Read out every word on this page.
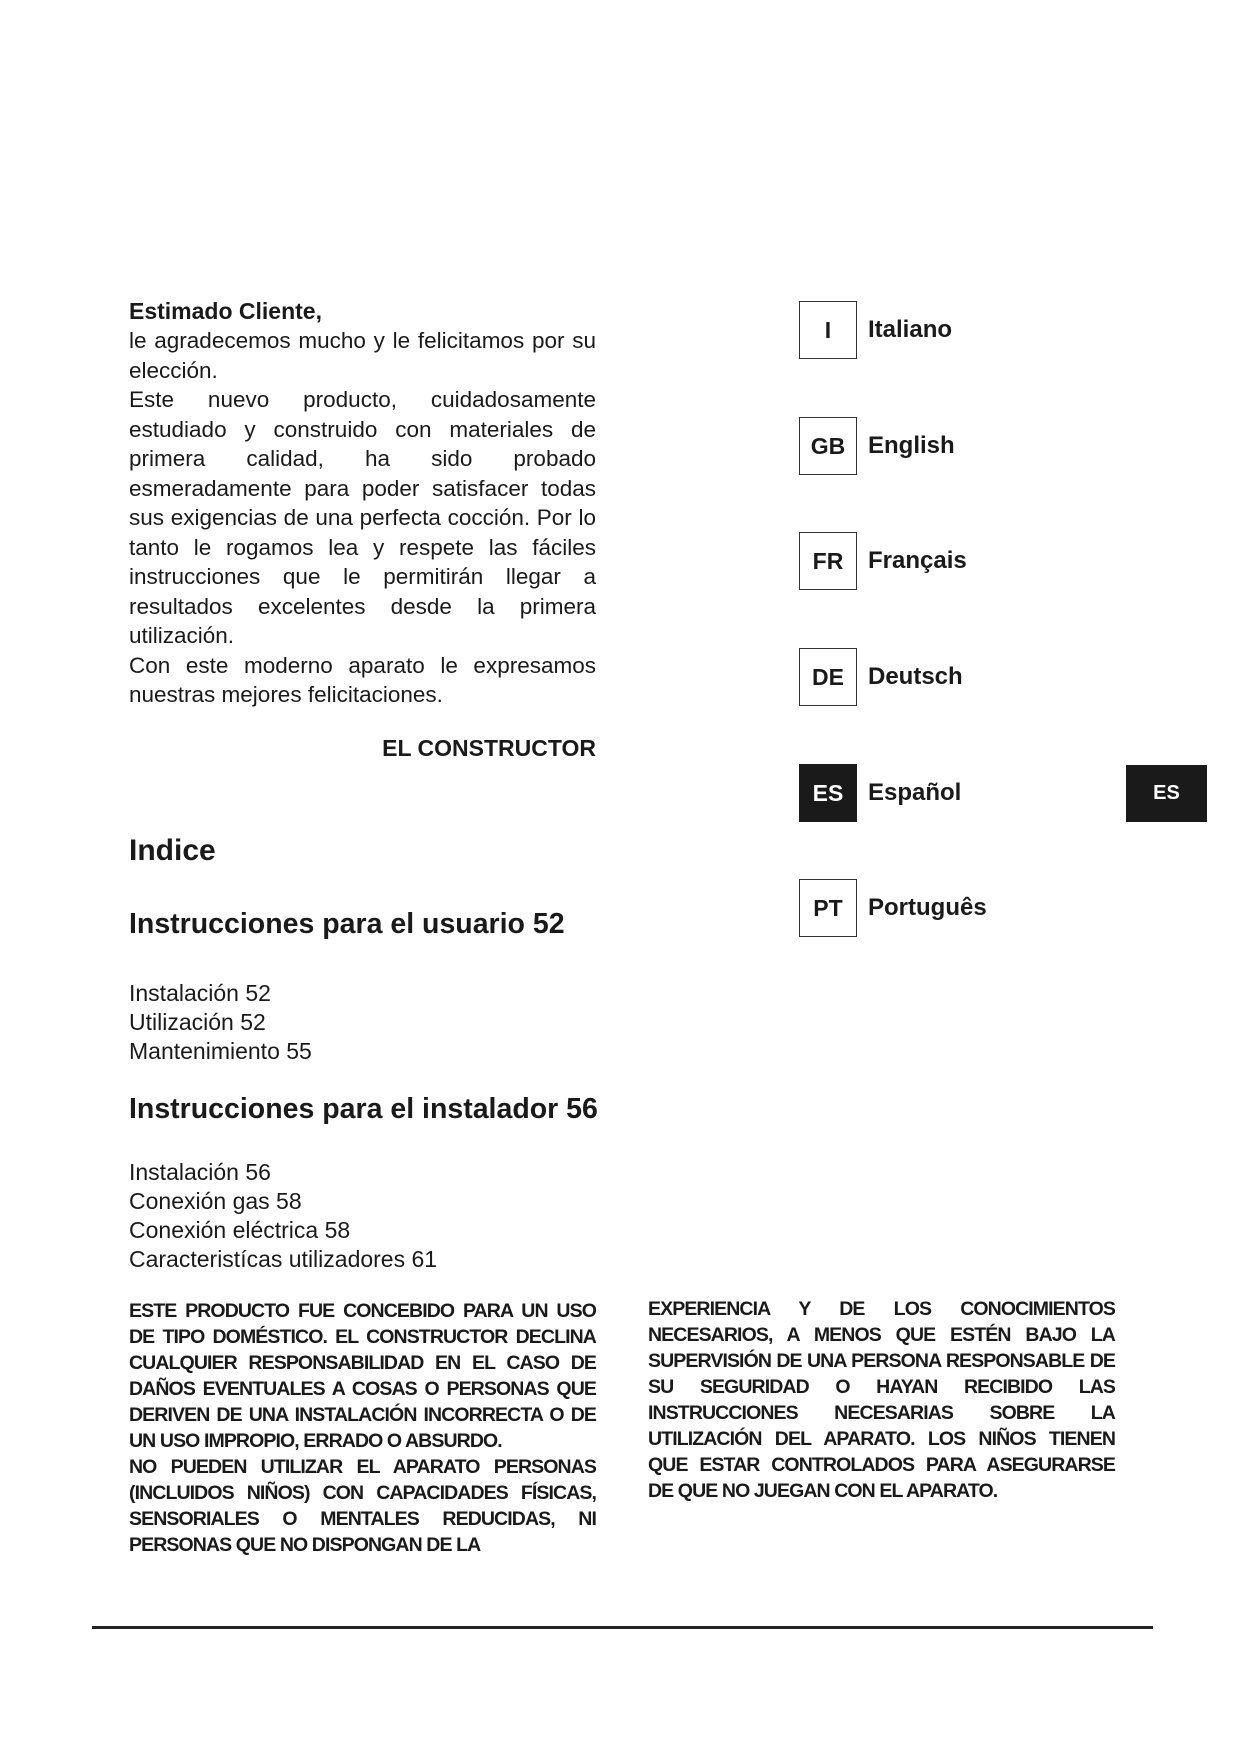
Estimado Cliente,

le agradecemos mucho y le felicitamos por su elección.

Este nuevo producto, cuidadosamente estudiado y construido con materiales de primera calidad, ha sido probado esmeradamente para poder satisfacer todas sus exigencias de una perfecta cocción. Por lo tanto le rogamos lea y respete las fáciles instrucciones que le permitirán llegar a resultados excelentes desde la primera utilización.

Con este moderno aparato le expresamos nuestras mejores felicitaciones.

EL CONSTRUCTOR
Indice
Instrucciones para el usuario 52
Instalación 52
Utilización 52
Mantenimiento 55
Instrucciones para el instalador 56
Instalación 56
Conexión gas 58
Conexión eléctrica 58
Caracteristícas utilizadores 61

ESTE PRODUCTO FUE CONCEBIDO PARA UN USO DE TIPO DOMÉSTICO. EL CONSTRUCTOR DECLINA CUALQUIER RESPONSABILIDAD EN EL CASO DE DAÑOS EVENTUALES A COSAS O PERSONAS QUE DERIVEN DE UNA INSTALACIÓN INCORRECTA O DE UN USO IMPROPIO, ERRADO O ABSURDO.

NO PUEDEN UTILIZAR EL APARATO PERSONAS (INCLUIDOS NIÑOS) CON CAPACIDADES FÍSICAS, SENSORIALES O MENTALES REDUCIDAS, NI PERSONAS QUE NO DISPONGAN DE LA

EXPERIENCIA Y DE LOS CONOCIMIENTOS NECESARIOS, A MENOS QUE ESTÉN BAJO LA SUPERVISIÓN DE UNA PERSONA RESPONSABLE DE SU SEGURIDAD O HAYAN RECIBIDO LAS INSTRUCCIONES NECESARIAS SOBRE LA UTILIZACIÓN DEL APARATO. LOS NIÑOS TIENEN QUE ESTAR CONTROLADOS PARA ASEGURARSE DE QUE NO JUEGAN CON EL APARATO.

I	Italiano
GB English
FR	Français
DE	Deutsch
ES	Español
PT	Português
ES
